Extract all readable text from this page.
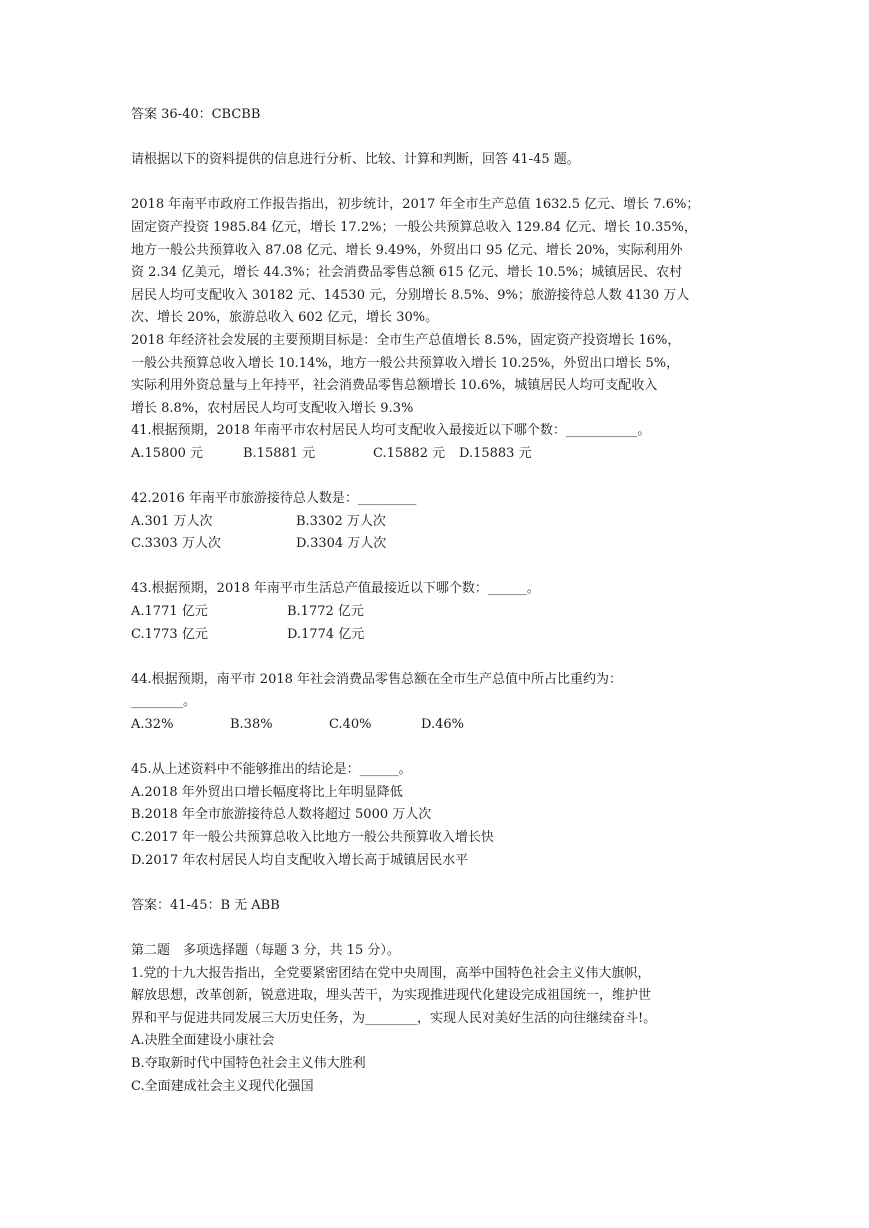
答案 36-40：CBCBB
请根据以下的资料提供的信息进行分析、比较、计算和判断，回答 41-45 题。
2018 年南平市政府工作报告指出，初步统计，2017 年全市生产总值 1632.5 亿元、增长 7.6%；
固定资产投资 1985.84 亿元，增长 17.2%；一般公共预算总收入 129.84 亿元、增长 10.35%，
地方一般公共预算收入 87.08 亿元、增长 9.49%，外贸出口 95 亿元、增长 20%，实际利用外
资 2.34 亿美元，增长 44.3%；社会消费品零售总额 615 亿元、增长 10.5%；城镇居民、农村
居民人均可支配收入 30182 元、14530 元，分别增长 8.5%、9%；旅游接待总人数 4130 万人
次、增长 20%，旅游总收入 602 亿元，增长 30%。
2018 年经济社会发展的主要预期目标是：全市生产总值增长 8.5%，固定资产投资增长 16%，
一般公共预算总收入增长 10.14%，地方一般公共预算收入增长 10.25%，外贸出口增长 5%，
实际利用外资总量与上年持平，社会消费品零售总额增长 10.6%，城镇居民人均可支配收入
增长 8.8%，农村居民人均可支配收入增长 9.3%
41.根据预期，2018 年南平市农村居民人均可支配收入最接近以下哪个数：___________。
A.15800 元	B.15881 元	C.15882 元	D.15883 元
42.2016 年南平市旅游接待总人数是：_________
A.301 万人次	B.3302 万人次
C.3303 万人次	D.3304 万人次
43.根据预期，2018 年南平市生活总产值最接近以下哪个数：______。
A.1771 亿元	B.1772 亿元
C.1773 亿元	D.1774 亿元
44.根据预期，南平市 2018 年社会消费品零售总额在全市生产总值中所占比重约为：
________。
A.32%	B.38%	C.40%	D.46%
45.从上述资料中不能够推出的结论是：______。
A.2018 年外贸出口增长幅度将比上年明显降低
B.2018 年全市旅游接待总人数将超过 5000 万人次
C.2017 年一般公共预算总收入比地方一般公共预算收入增长快
D.2017 年农村居民人均自支配收入增长高于城镇居民水平
答案：41-45：B 无 ABB
第二题　多项选择题（每题 3 分，共 15 分）。
1.党的十九大报告指出，全党要紧密团结在党中央周围，高举中国特色社会主义伟大旗帜，
解放思想，改革创新，锐意进取，埋头苦干，为实现推进现代化建设完成祖国统一，维护世
界和平与促进共同发展三大历史任务，为________，实现人民对美好生活的向往继续奋斗!。
A.决胜全面建设小康社会
B.夺取新时代中国特色社会主义伟大胜利
C.全面建成社会主义现代化强国
